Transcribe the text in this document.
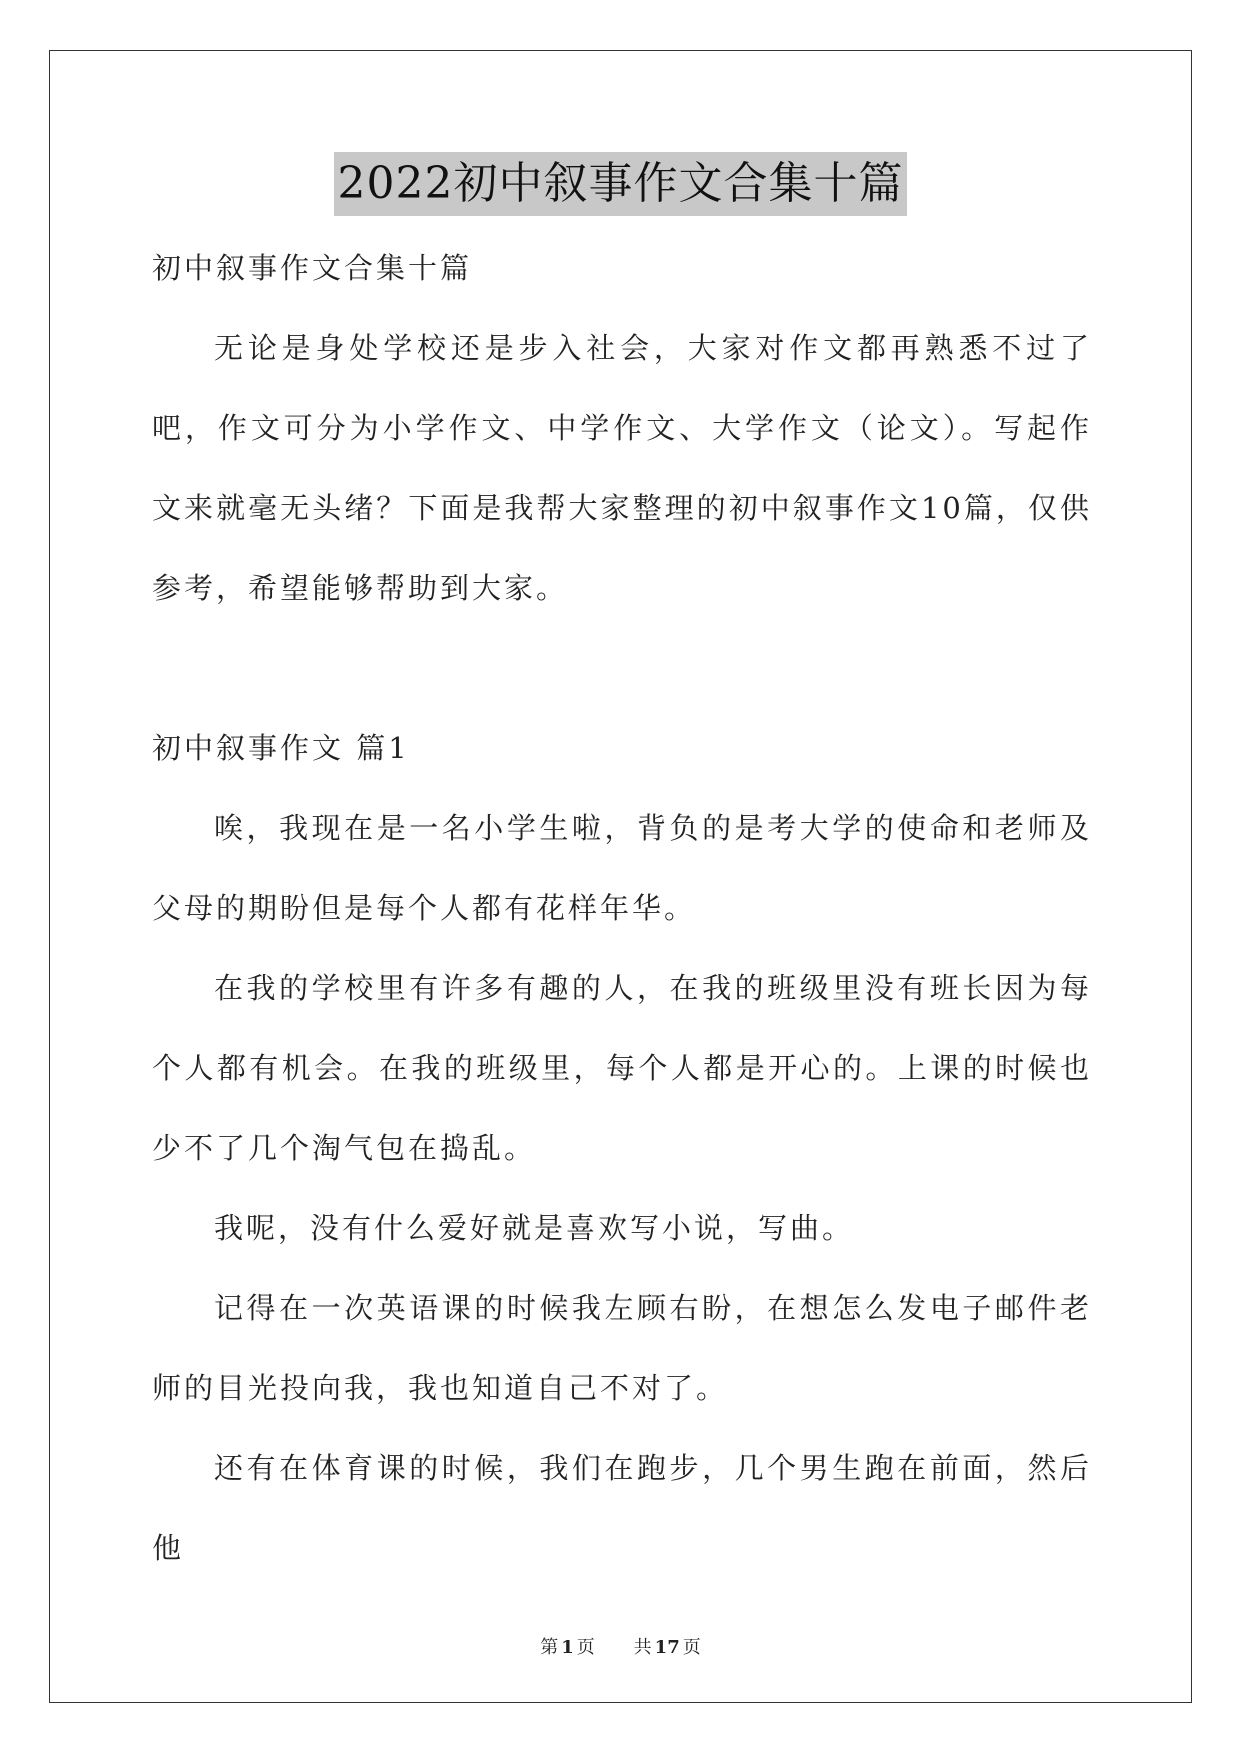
2022初中叙事作文合集十篇

初中叙事作文合集十篇

无论是身处学校还是步入社会，大家对作文都再熟悉不过了吧，作文可分为小学作文、中学作文、大学作文（论文）。写起作文来就毫无头绪？下面是我帮大家整理的初中叙事作文10篇，仅供参考，希望能够帮助到大家。

初中叙事作文 篇1

唉，我现在是一名小学生啦，背负的是考大学的使命和老师及父母的期盼但是每个人都有花样年华。

在我的学校里有许多有趣的人，在我的班级里没有班长因为每个人都有机会。在我的班级里，每个人都是开心的。上课的时候也少不了几个淘气包在捣乱。

我呢，没有什么爱好就是喜欢写小说，写曲。

记得在一次英语课的时候我左顾右盼，在想怎么发电子邮件老师的目光投向我，我也知道自己不对了。

还有在体育课的时候，我们在跑步，几个男生跑在前面，然后他

第 1 页 共 17 页
